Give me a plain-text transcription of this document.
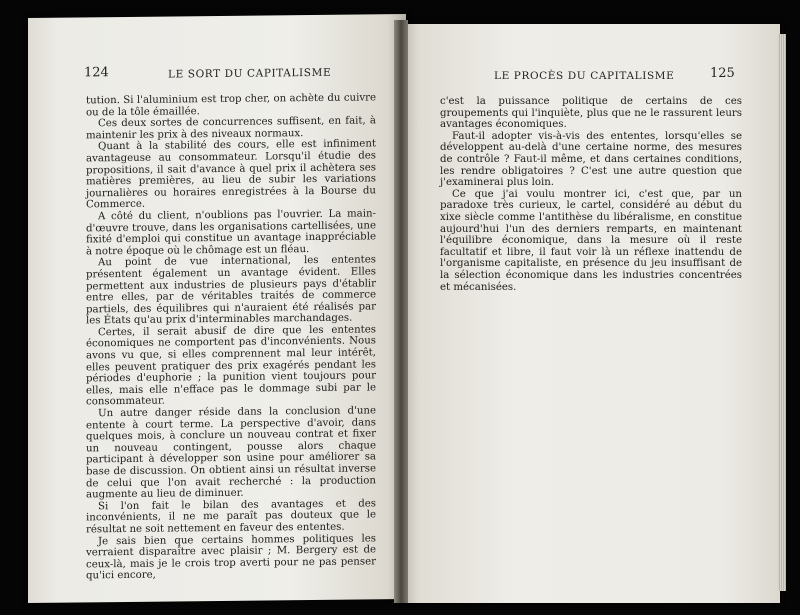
124	LE SORT DU CAPITALISME

tution. Si l'aluminium est trop cher, on achète du cuivre ou de la tôle émaillée.

Ces deux sortes de concurrences suffisent, en fait, à maintenir les prix à des niveaux normaux.

Quant à la stabilité des cours, elle est infiniment avantageuse au consommateur. Lorsqu'il étudie des propositions, il sait d'avance à quel prix il achètera ses matières premières, au lieu de subir les variations journalières ou horaires enregistrées à la Bourse du Commerce.

A côté du client, n'oublions pas l'ouvrier. La main-d'œuvre trouve, dans les organisations cartellisées, une fixité d'emploi qui constitue un avantage inappréciable à notre époque où le chômage est un fléau.

Au point de vue international, les ententes présentent également un avantage évident. Elles permettent aux industries de plusieurs pays d'établir entre elles, par de véritables traités de commerce partiels, des équilibres qui n'auraient été réalisés par les États qu'au prix d'interminables marchandages.

Certes, il serait abusif de dire que les ententes économiques ne comportent pas d'inconvénients. Nous avons vu que, si elles comprennent mal leur intérêt, elles peuvent pratiquer des prix exagérés pendant les périodes d'euphorie ; la punition vient toujours pour elles, mais elle n'efface pas le dommage subi par le consommateur.

Un autre danger réside dans la conclusion d'une entente à court terme. La perspective d'avoir, dans quelques mois, à conclure un nouveau contrat et fixer un nouveau contingent, pousse alors chaque participant à développer son usine pour améliorer sa base de discussion. On obtient ainsi un résultat inverse de celui que l'on avait recherché : la production augmente au lieu de diminuer.

Si l'on fait le bilan des avantages et des inconvénients, il ne me paraît pas douteux que le résultat ne soit nettement en faveur des ententes.

Je sais bien que certains hommes politiques les verraient disparaître avec plaisir ; M. Bergery est de ceux-là, mais je le crois trop averti pour ne pas penser qu'ici encore,

LE PROCÈS DU CAPITALISME	125

c'est la puissance politique de certains de ces groupements qui l'inquiète, plus que ne le rassurent leurs avantages économiques.

Faut-il adopter vis-à-vis des ententes, lorsqu'elles se développent au-delà d'une certaine norme, des mesures de contrôle ? Faut-il même, et dans certaines conditions, les rendre obligatoires ? C'est une autre question que j'examinerai plus loin.

Ce que j'ai voulu montrer ici, c'est que, par un paradoxe très curieux, le cartel, considéré au début du xixe siècle comme l'antithèse du libéralisme, en constitue aujourd'hui l'un des derniers remparts, en maintenant l'équilibre économique, dans la mesure où il reste facultatif et libre, il faut voir là un réflexe inattendu de l'organisme capitaliste, en présence du jeu insuffisant de la sélection économique dans les industries concentrées et mécanisées.
